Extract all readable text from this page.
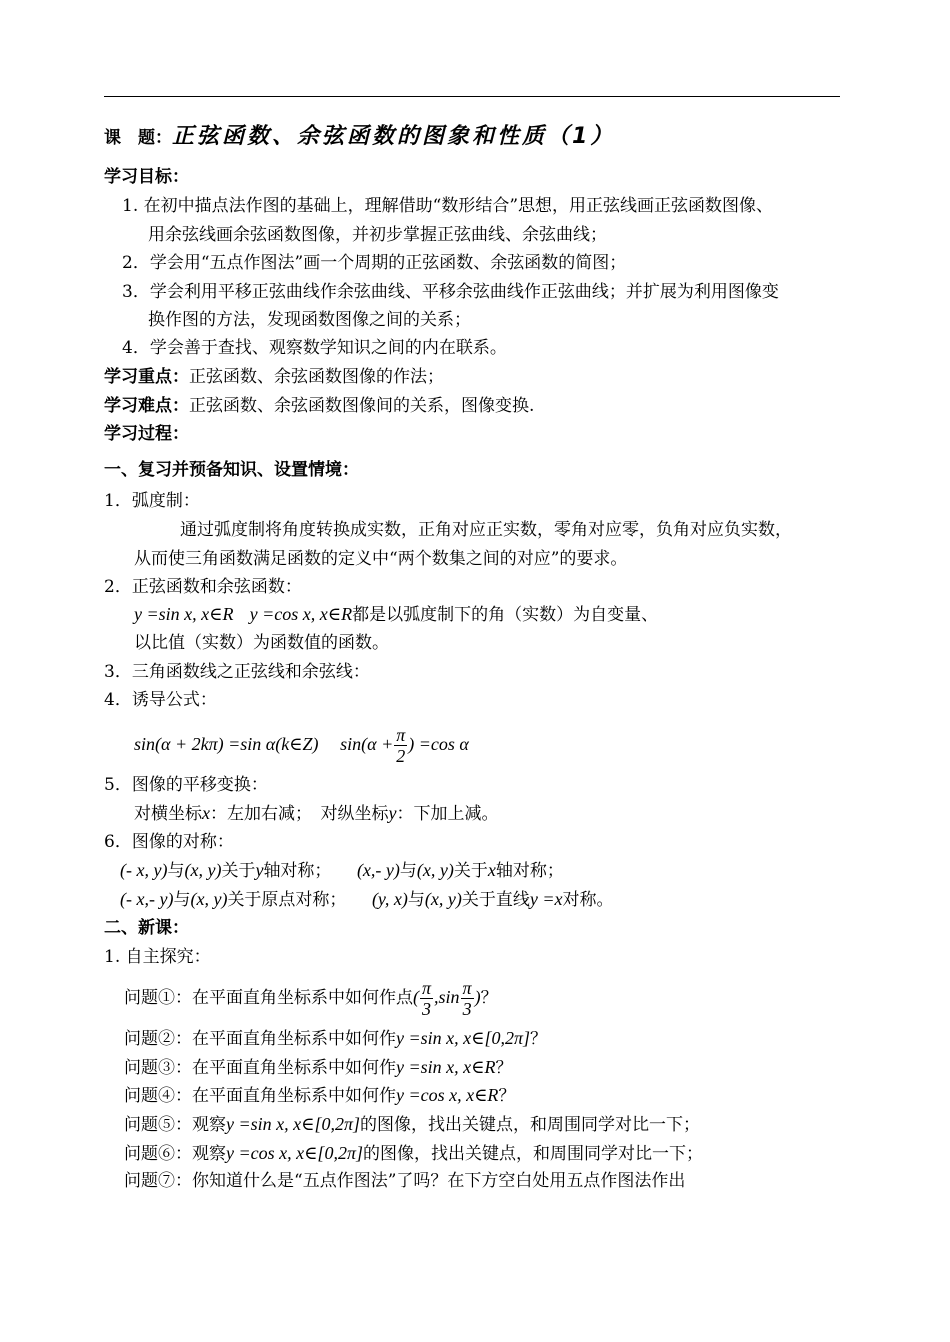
课　题：正弦函数、余弦函数的图象和性质（1）
学习目标：
1. 在初中描点法作图的基础上，理解借助“数形结合”思想，用正弦线画正弦函数图像、
用余弦线画余弦函数图像，并初步掌握正弦曲线、余弦曲线；
2．学会用“五点作图法”画一个周期的正弦函数、余弦函数的简图；
3．学会利用平移正弦曲线作余弦曲线、平移余弦曲线作正弦曲线；并扩展为利用图像变
换作图的方法，发现函数图像之间的关系；
4．学会善于查找、观察数学知识之间的内在联系。
学习重点：正弦函数、余弦函数图像的作法；
学习难点：正弦函数、余弦函数图像间的关系，图像变换.
学习过程：
一、复习并预备知识、设置情境：
1．弧度制：
通过弧度制将角度转换成实数，正角对应正实数，零角对应零，负角对应负实数，
从而使三角函数满足函数的定义中“两个数集之间的对应”的要求。
2．正弦函数和余弦函数：
y =sin x, x∈R y =cos x, x∈R都是以弧度制下的角（实数）为自变量、
以比值（实数）为函数值的函数。
3．三角函数线之正弦线和余弦线：
4．诱导公式：
sin(α + 2kπ) =sin α(k∈Z) $\sin(\alpha + \frac{\pi}{2}$ ) =cos α
5．图像的平移变换：
对横坐标x：左加右减；　对纵坐标y：下加上减。
6．图像的对称：
(- x, y)与(x, y)关于y轴对称；　　(x,- y)与(x, y)关于x轴对称；
(- x,- y)与(x, y)关于原点对称；　　(y, x)与(x, y)关于直线y =x对称。
二、新课：
1. 自主探究：
问题①：在平面直角坐标系中如何作点( $\frac{\pi}{3} ,\sin \frac{\pi}{3}$ )？
问题②：在平面直角坐标系中如何作y =sin x, x∈[0,2π]？
问题③：在平面直角坐标系中如何作y =sin x, x∈R？
问题④：在平面直角坐标系中如何作y =cos x, x∈R？
问题⑤：观察y =sin x, x∈[0,2π]的图像，找出关键点，和周围同学对比一下；
问题⑥：观察y =cos x, x∈[0,2π]的图像，找出关键点，和周围同学对比一下；
问题⑦：你知道什么是“五点作图法”了吗？在下方空白处用五点作图法作出
